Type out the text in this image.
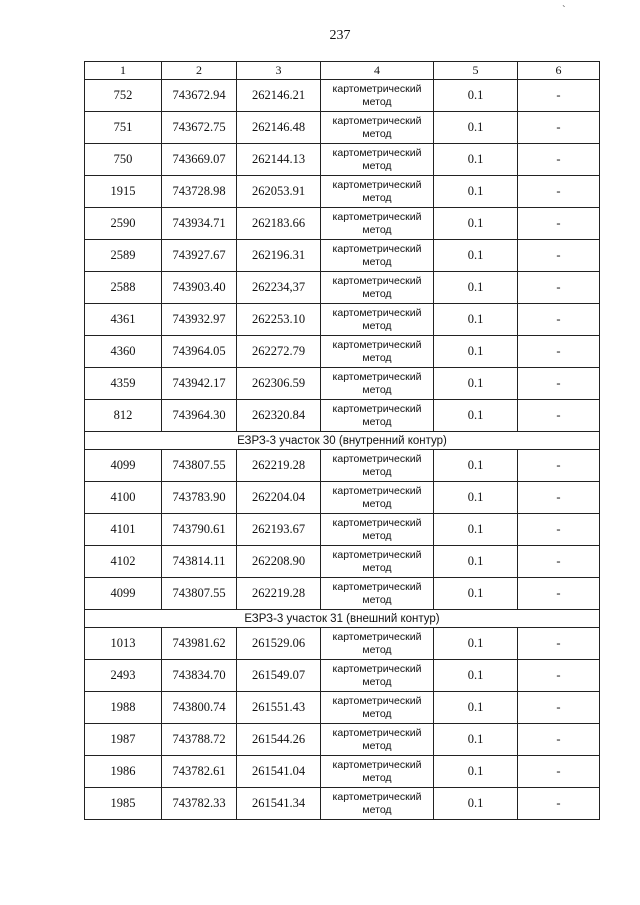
237
`
1	2	3	4	5	6
752	743672.94	262146.21	картометрический метод	0.1	-
751	743672.75	262146.48	картометрический метод	0.1	-
750	743669.07	262144.13	картометрический метод	0.1	-
1915	743728.98	262053.91	картометрический метод	0.1	-
2590	743934.71	262183.66	картометрический метод	0.1	-
2589	743927.67	262196.31	картометрический метод	0.1	-
2588	743903.40	262234,37	картометрический метод	0.1	-
4361	743932.97	262253.10	картометрический метод	0.1	-
4360	743964.05	262272.79	картометрический метод	0.1	-
4359	743942.17	262306.59	картометрический метод	0.1	-
812	743964.30	262320.84	картометрический метод	0.1	-
ЕЗРЗ-3 участок 30 (внутренний контур)					
4099	743807.55	262219.28	картометрический метод	0.1	-
4100	743783.90	262204.04	картометрический метод	0.1	-
4101	743790.61	262193.67	картометрический метод	0.1	-
4102	743814.11	262208.90	картометрический метод	0.1	-
4099	743807.55	262219.28	картометрический метод	0.1	-
ЕЗРЗ-3 участок 31 (внешний контур)					
1013	743981.62	261529.06	картометрический метод	0.1	-
2493	743834.70	261549.07	картометрический метод	0.1	-
1988	743800.74	261551.43	картометрический метод	0.1	-
1987	743788.72	261544.26	картометрический метод	0.1	-
1986	743782.61	261541.04	картометрический метод	0.1	-
1985	743782.33	261541.34	картометрический метод	0.1	-
